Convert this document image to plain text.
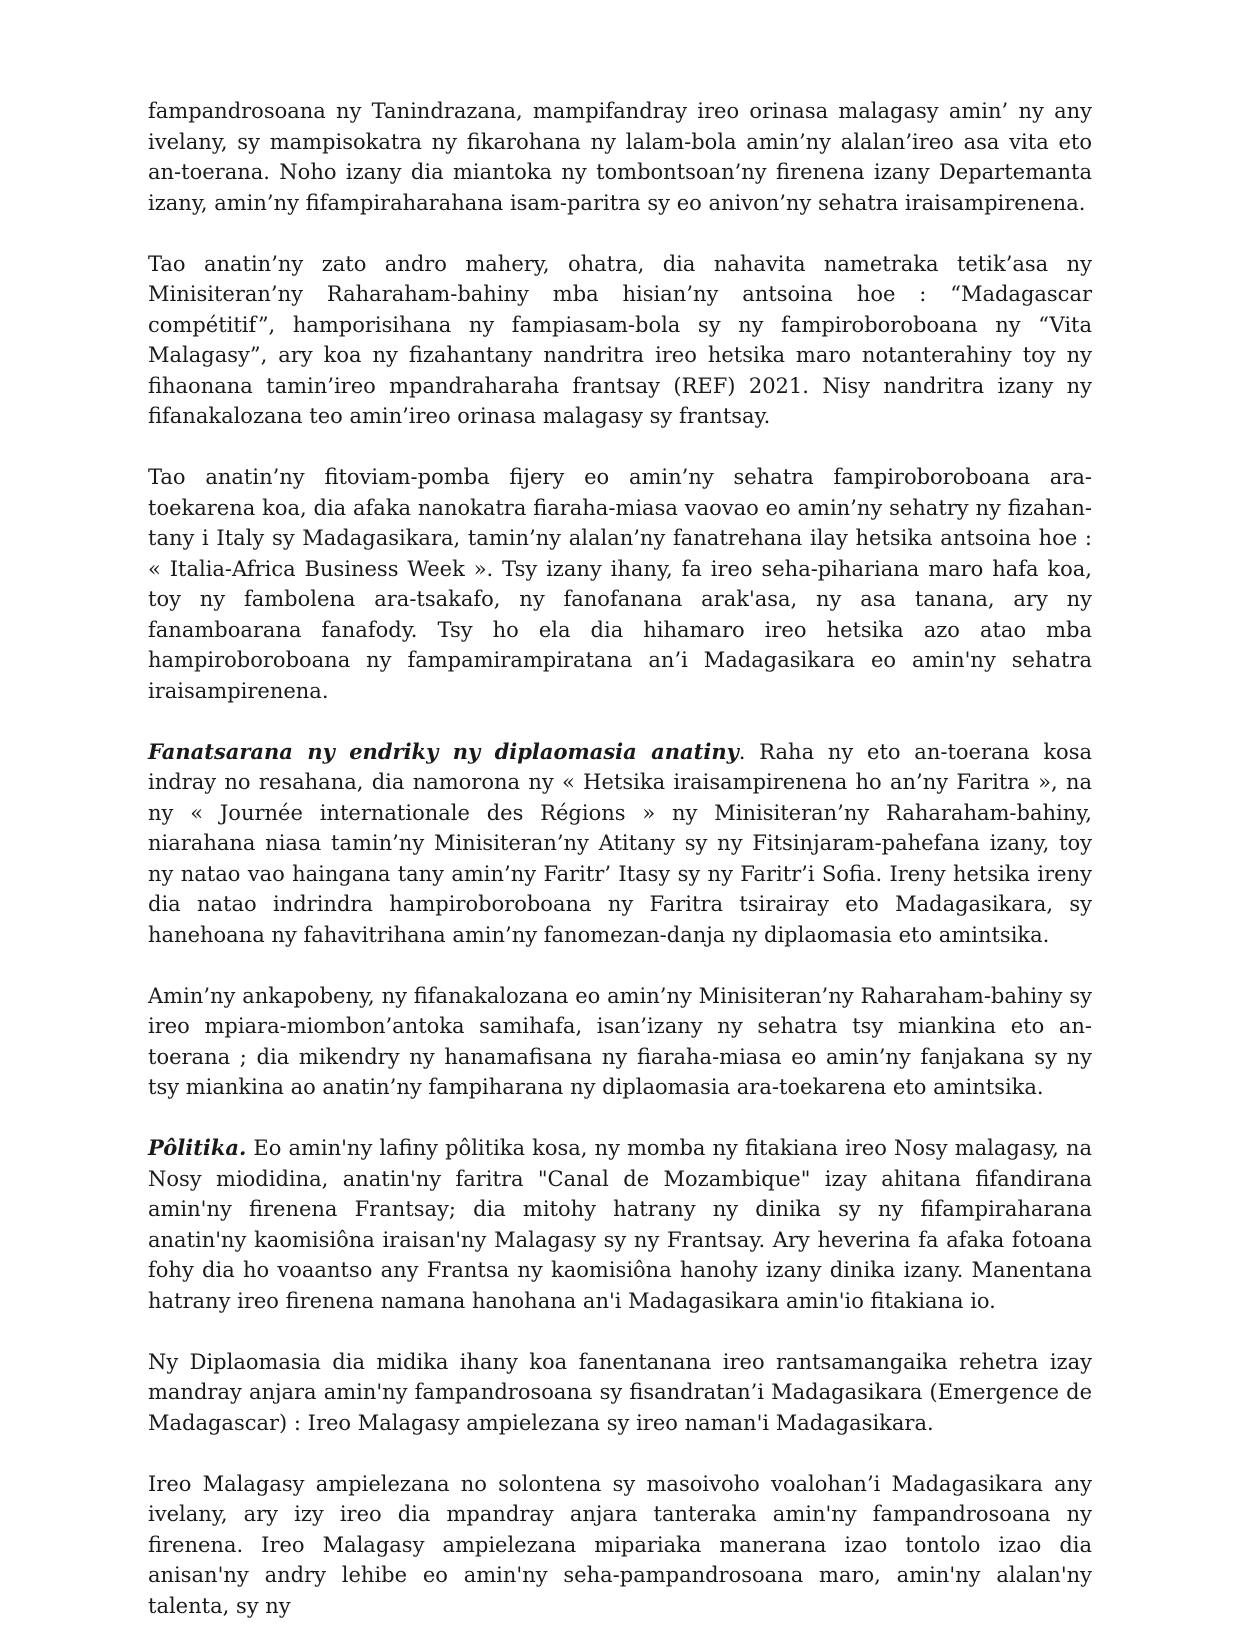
fampandrosoana ny Tanindrazana, mampifandray ireo orinasa malagasy amin’ ny any ivelany, sy mampisokatra ny fikarohana ny lalam-bola amin’ny alalan’ireo asa vita eto an-toerana. Noho izany dia miantoka ny tombontsoan’ny firenena izany Departemanta izany, amin’ny fifampiraharahana isam-paritra sy eo anivon’ny sehatra iraisampirenena.

Tao anatin’ny zato andro mahery, ohatra, dia nahavita nametraka tetik’asa ny Minisiteran’ny Raharaham-bahiny mba hisian’ny antsoina hoe : “Madagascar compétitif”, hamporisihana ny fampiasam-bola sy ny fampiroboroboana ny “Vita Malagasy”, ary koa ny fizahantany nandritra ireo hetsika maro notanterahiny toy ny fihaonana tamin’ireo mpandraharaha frantsay (REF) 2021. Nisy nandritra izany ny fifanakalozana teo amin’ireo orinasa malagasy sy frantsay.

Tao anatin’ny fitoviam-pomba fijery eo amin’ny sehatra fampiroboroboana ara-toekarena koa, dia afaka nanokatra fiaraha-miasa vaovao eo amin’ny sehatry ny fizahan-tany i Italy sy Madagasikara, tamin’ny alalan’ny fanatrehana ilay hetsika antsoina hoe : « Italia-Africa Business Week ». Tsy izany ihany, fa ireo seha-pihariana maro hafa koa, toy ny fambolena ara-tsakafo, ny fanofanana arak'asa, ny asa tanana, ary ny fanamboarana fanafody. Tsy ho ela dia hihamaro ireo hetsika azo atao mba hampiroboroboana ny fampamirampiratana an’i Madagasikara eo amin'ny sehatra iraisampirenena.

Fanatsarana ny endriky ny diplaomasia anatiny. Raha ny eto an-toerana kosa indray no resahana, dia namorona ny « Hetsika iraisampirenena ho an’ny Faritra », na ny « Journée internationale des Régions » ny Minisiteran’ny Raharaham-bahiny, niarahana niasa tamin’ny Minisiteran’ny Atitany sy ny Fitsinjaram-pahefana izany, toy ny natao vao haingana tany amin’ny Faritr’ Itasy sy ny Faritr’i Sofia. Ireny hetsika ireny dia natao indrindra hampiroboroboana ny Faritra tsirairay eto Madagasikara, sy hanehoana ny fahavitrihana amin’ny fanomezan-danja ny diplaomasia eto amintsika.

Amin’ny ankapobeny, ny fifanakalozana eo amin’ny Minisiteran’ny Raharaham-bahiny sy ireo mpiara-miombon’antoka samihafa, isan’izany ny sehatra tsy miankina eto an-toerana ; dia mikendry ny hanamafisana ny fiaraha-miasa eo amin’ny fanjakana sy ny tsy miankina ao anatin’ny fampiharana ny diplaomasia ara-toekarena eto amintsika.

Pôlitika. Eo amin'ny lafiny pôlitika kosa, ny momba ny fitakiana ireo Nosy malagasy, na Nosy miodidina, anatin'ny faritra "Canal de Mozambique" izay ahitana fifandirana amin'ny firenena Frantsay; dia mitohy hatrany ny dinika sy ny fifampiraharana anatin'ny kaomisiôna iraisan'ny Malagasy sy ny Frantsay. Ary heverina fa afaka fotoana fohy dia ho voaantso any Frantsa ny kaomisiôna hanohy izany dinika izany. Manentana hatrany ireo firenena namana hanohana an'i Madagasikara amin'io fitakiana io.

Ny Diplaomasia dia midika ihany koa fanentanana ireo rantsamangaika rehetra izay mandray anjara amin'ny fampandrosoana sy fisandratan’i Madagasikara (Emergence de Madagascar) : Ireo Malagasy ampielezana sy ireo naman'i Madagasikara.

Ireo Malagasy ampielezana no solontena sy masoivoho voalohan’i Madagasikara any ivelany, ary izy ireo dia mpandray anjara tanteraka amin'ny fampandrosoana ny firenena. Ireo Malagasy ampielezana mipariaka manerana izao tontolo izao dia anisan'ny andry lehibe eo amin'ny seha-pampandrosoana maro, amin'ny alalan'ny talenta, sy ny
